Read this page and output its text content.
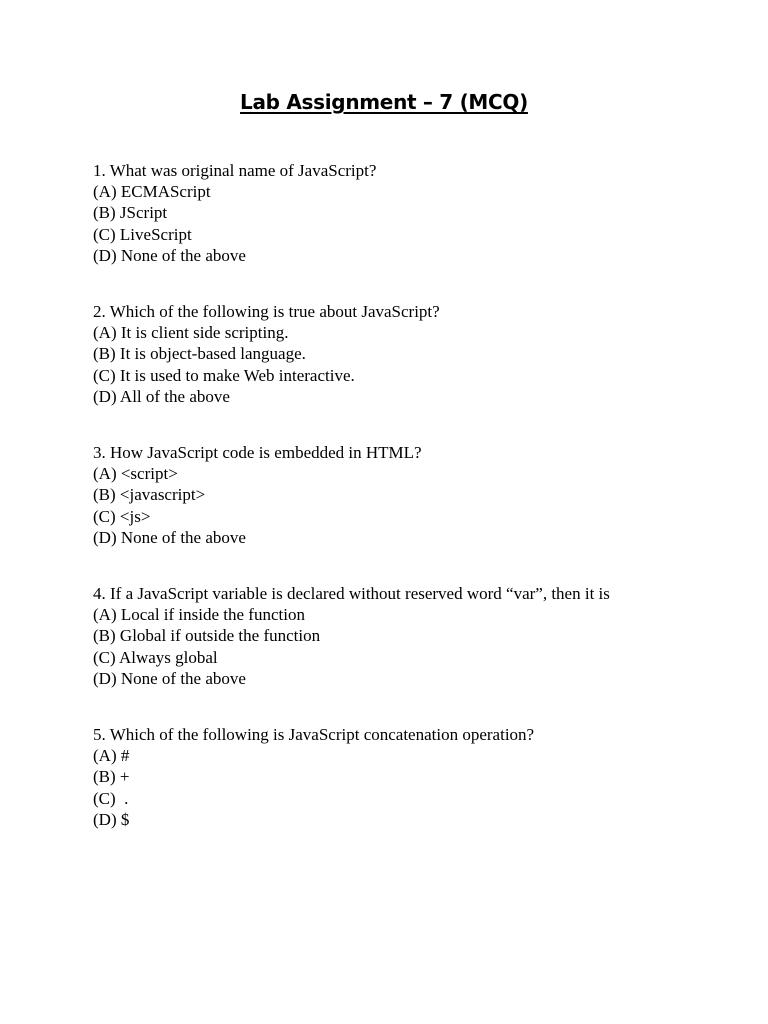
Lab Assignment – 7 (MCQ)

1. What was original name of JavaScript?

(A) ECMAScript

(B) JScript

(C) LiveScript

(D) None of the above

2. Which of the following is true about JavaScript?

(A) It is client side scripting.

(B) It is object-based language.

(C) It is used to make Web interactive.

(D) All of the above

3. How JavaScript code is embedded in HTML?

(A) <script>

(B) <javascript>

(C) <js>

(D) None of the above

4. If a JavaScript variable is declared without reserved word “var”, then it is

(A) Local if inside the function

(B) Global if outside the function

(C) Always global

(D) None of the above

5. Which of the following is JavaScript concatenation operation?

(A) #

(B) +

(C)  .

(D) $
